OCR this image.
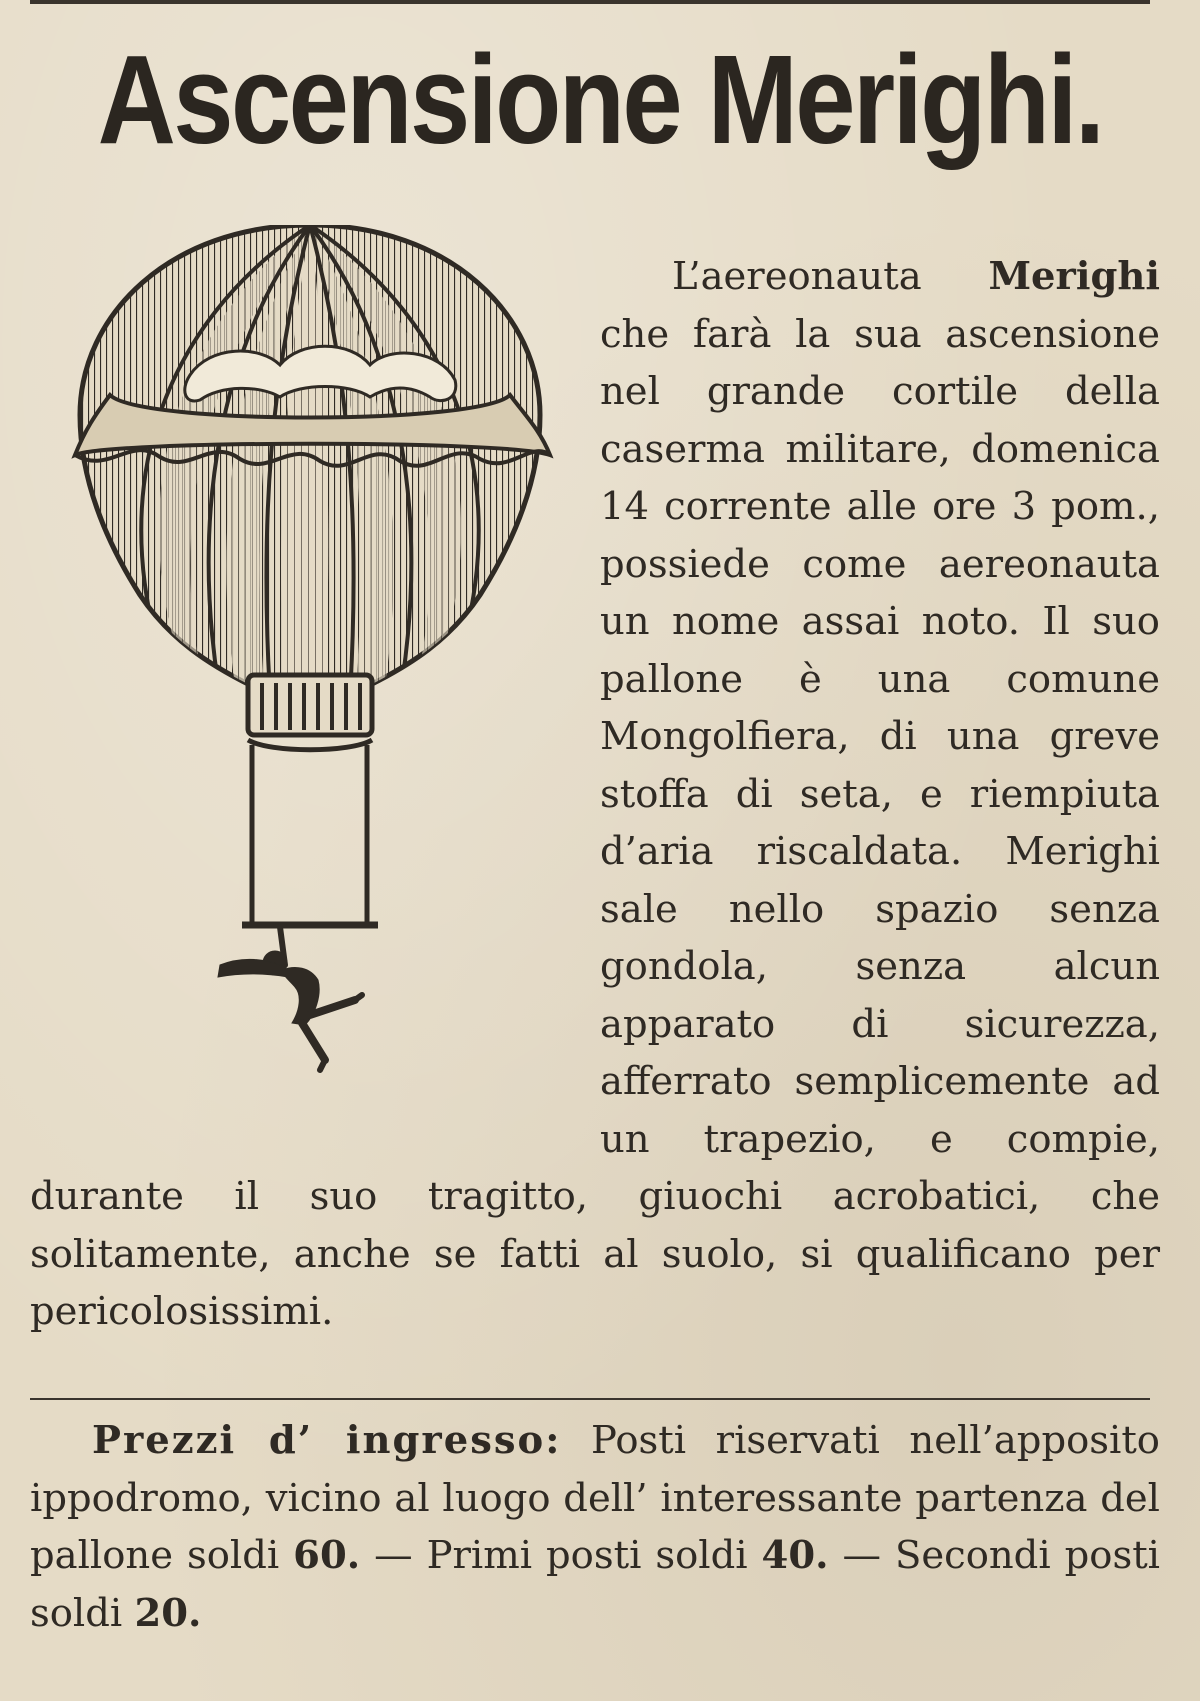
Ascensione Merighi.

L’aereonauta Merighi che farà la sua ascensione nel grande cortile della caserma militare, domenica 14 corrente alle ore 3 pom., possiede come aereonauta un nome assai noto. Il suo pallone è una comune Mongolfiera, di una greve stoffa di seta, e riempiuta d’aria riscaldata. Merighi sale nello spazio senza gondola, senza alcun apparato di sicurezza, afferrato semplicemente ad un trapezio, e compie, durante il suo tragitto, giuochi acrobatici, che solitamente, anche se fatti al suolo, si qualificano per pericolosissimi.

Prezzi d’ ingresso: Posti riservati nell’apposito ippodromo, vicino al luogo dell’ interessante partenza del pallone soldi 60. — Primi posti soldi 40. — Secondi posti soldi 20.
